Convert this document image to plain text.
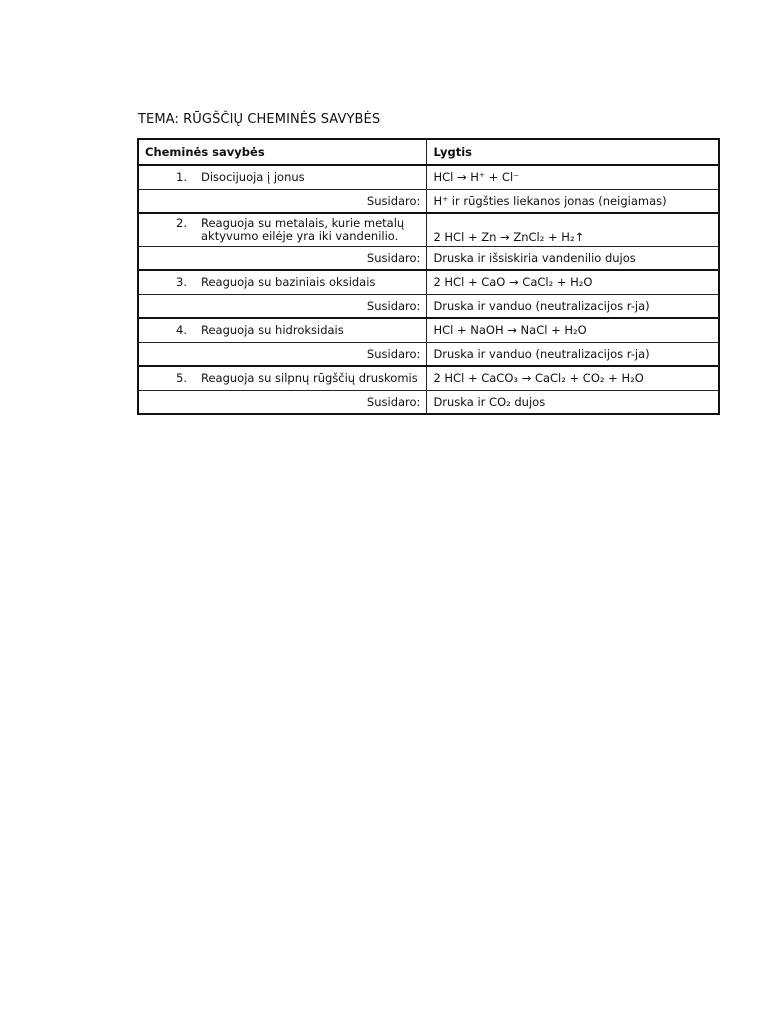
TEMA: RŪGŠČIŲ CHEMINĖS SAVYBĖS
Cheminės savybės	Lygtis

1. Disocijuoja į jonus	HCl → H⁺ + Cl⁻
Susidaro:	H⁺ ir rūgšties liekanos jonas (neigiamas)

2. Reaguoja su metalais, kurie metalų aktyvumo eilėje yra iki vandenilio.	2 HCl + Zn → ZnCl₂ + H₂↑
Susidaro:	Druska ir išsiskiria vandenilio dujos

3. Reaguoja su baziniais oksidais	2 HCl + CaO → CaCl₂ + H₂O
Susidaro:	Druska ir vanduo (neutralizacijos r-ja)

4. Reaguoja su hidroksidais	HCl + NaOH → NaCl + H₂O
Susidaro:	Druska ir vanduo (neutralizacijos r-ja)

5. Reaguoja su silpnų rūgščių druskomis	2 HCl + CaCO₃ → CaCl₂ + CO₂ + H₂O
Susidaro:	Druska ir CO₂ dujos
